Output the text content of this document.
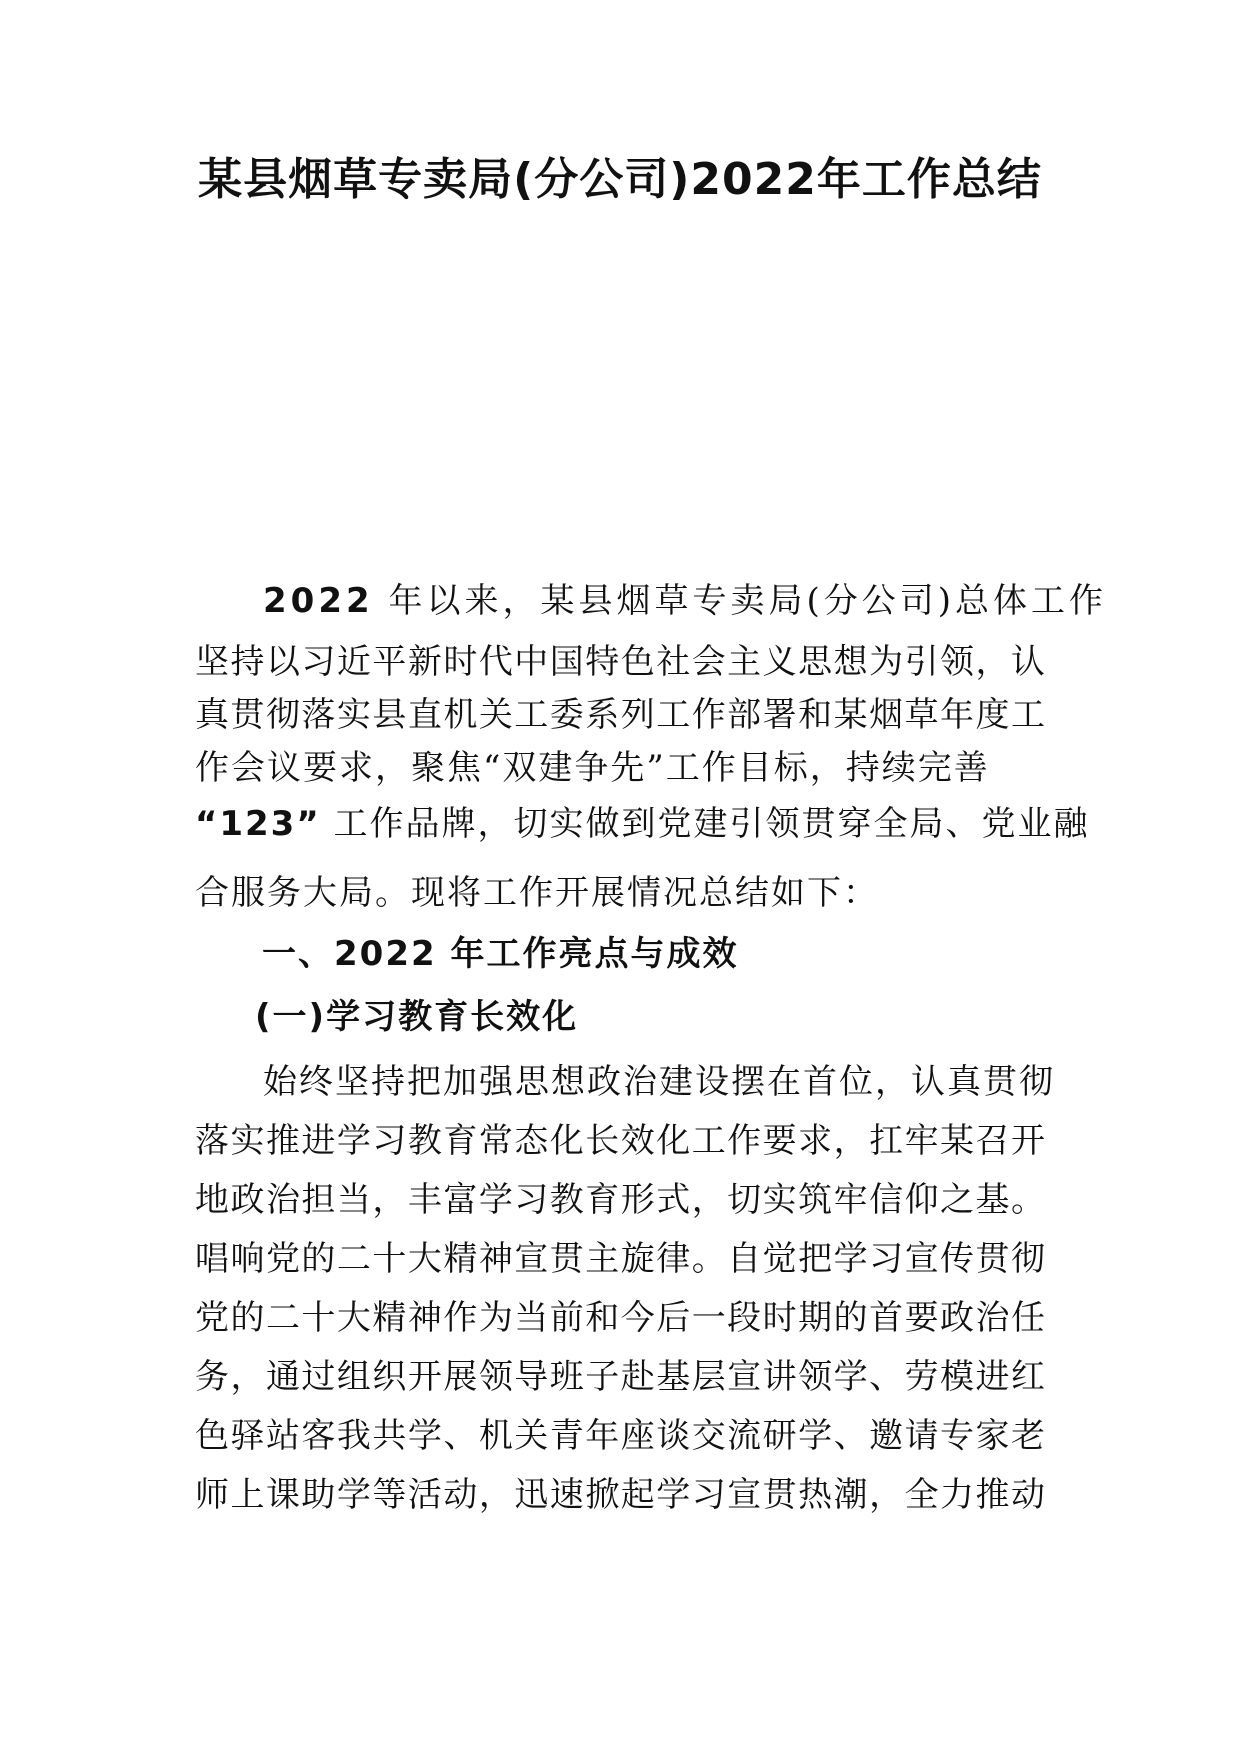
某县烟草专卖局(分公司)2022年工作总结
2022 年以来，某县烟草专卖局(分公司)总体工作
坚持以习近平新时代中国特色社会主义思想为引领，认
真贯彻落实县直机关工委系列工作部署和某烟草年度工
作会议要求，聚焦“双建争先”工作目标，持续完善
“123” 工作品牌，切实做到党建引领贯穿全局、党业融
合服务大局。现将工作开展情况总结如下：
一、2022 年工作亮点与成效
(一)学习教育长效化
始终坚持把加强思想政治建设摆在首位，认真贯彻
落实推进学习教育常态化长效化工作要求，扛牢某召开
地政治担当，丰富学习教育形式，切实筑牢信仰之基。
唱响党的二十大精神宣贯主旋律。自觉把学习宣传贯彻
党的二十大精神作为当前和今后一段时期的首要政治任
务，通过组织开展领导班子赴基层宣讲领学、劳模进红
色驿站客我共学、机关青年座谈交流研学、邀请专家老
师上课助学等活动，迅速掀起学习宣贯热潮，全力推动
